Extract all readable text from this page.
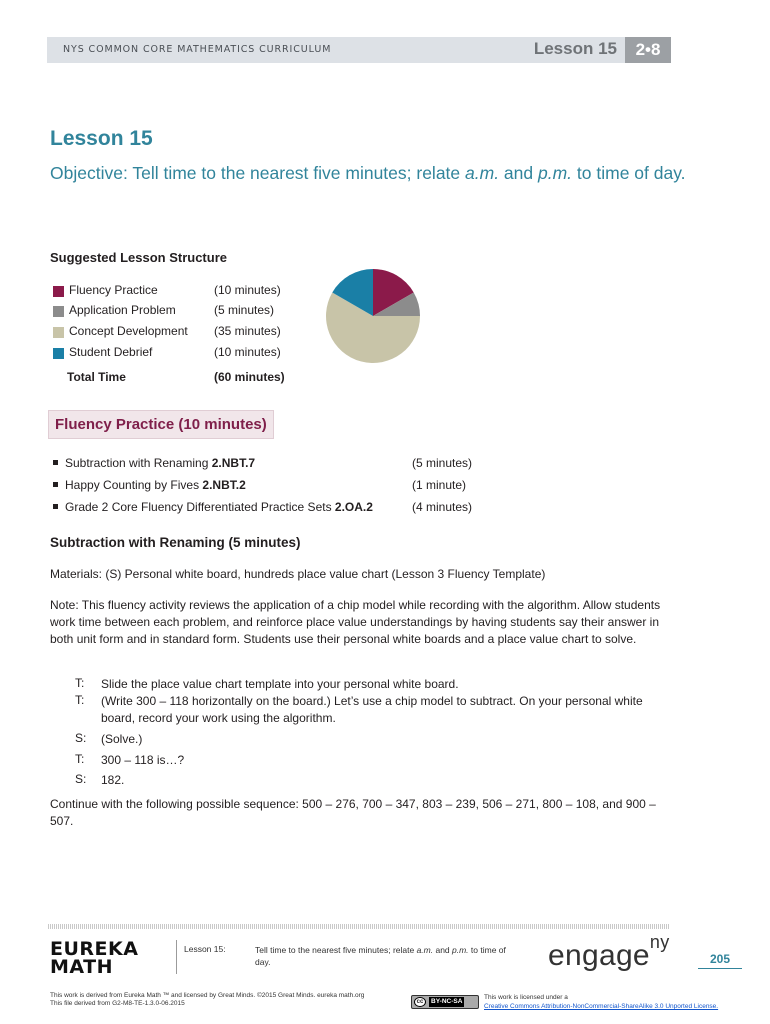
NYS COMMON CORE MATHEMATICS CURRICULUM	Lesson 15	2•8
Lesson 15
Objective: Tell time to the nearest five minutes; relate a.m. and p.m. to time of day.
Suggested Lesson Structure
Fluency Practice	(10 minutes)
Application Problem	(5 minutes)
Concept Development (35 minutes)
Student Debrief	(10 minutes)
Total Time	(60 minutes)
Fluency Practice (10 minutes)
Subtraction with Renaming 2.NBT.7	(5 minutes)
Happy Counting by Fives 2.NBT.2	(1 minute)
Grade 2 Core Fluency Differentiated Practice Sets 2.OA.2	(4 minutes)
Subtraction with Renaming (5 minutes)
Materials: (S) Personal white board, hundreds place value chart (Lesson 3 Fluency Template)
Note: This fluency activity reviews the application of a chip model while recording with the algorithm. Allow students work time between each problem, and reinforce place value understandings by having students say their answer in both unit form and in standard form. Students use their personal white boards and a place value chart to solve.
T: Slide the place value chart template into your personal white board.
T: (Write 300 – 118 horizontally on the board.) Let’s use a chip model to subtract. On your personal white board, record your work using the algorithm.
S: (Solve.)
T: 300 – 118 is…?
S: 182.
Continue with the following possible sequence: 500 – 276, 700 – 347, 803 – 239, 506 – 271, 800 – 108, and 900 – 507.
EUREKA
MATH
Lesson 15:	Tell time to the nearest five minutes; relate a.m. and p.m. to time of day.	engage$^{ny}$
205
This work is derived from Eureka Math ™ and licensed by Great Minds. ©2015 Great Minds. eureka math.org
This file derived from G2-M8-TE-1.3.0-06.2015	cc	BY-NC-SA
This work is licensed under a
Creative Commons Attribution-NonCommercial-ShareAlike 3.0 Unported License.
